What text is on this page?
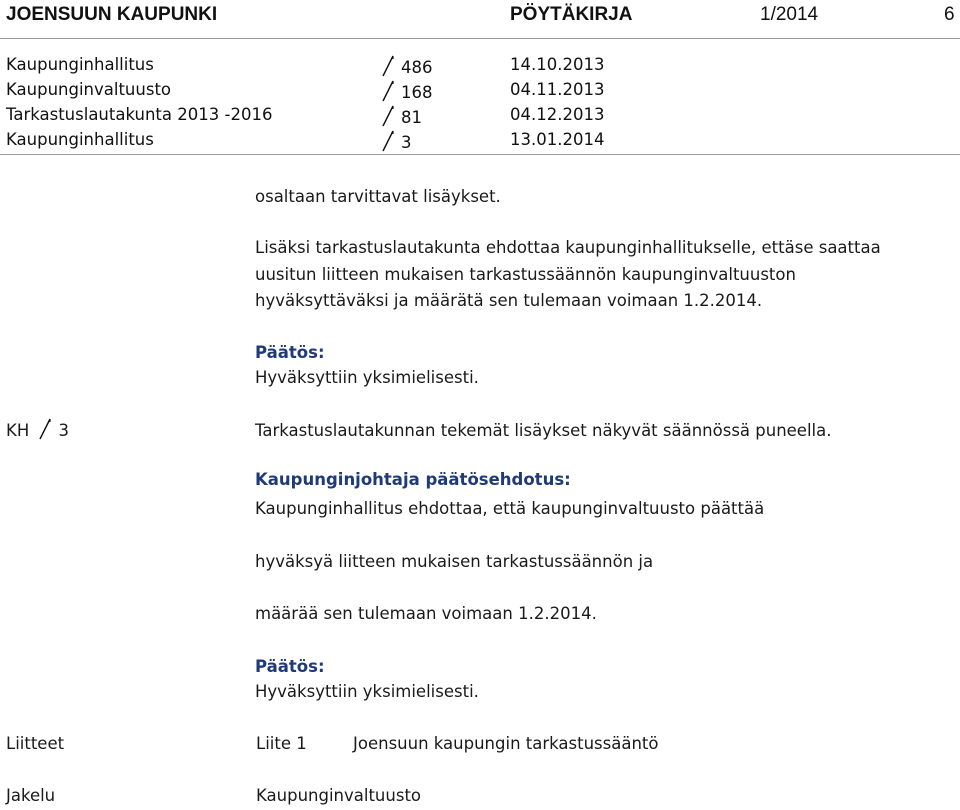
JOENSUUN KAUPUNKI	PÖYTÄKIRJA	1/2014	6
Kaupunginhallitus	486	14.10.2013
Kaupunginvaltuusto	168	04.11.2013
Tarkastuslautakunta 2013 -2016	81	04.12.2013
Kaupunginhallitus	3	13.01.2014
osaltaan tarvittavat lisäykset.
Lisäksi tarkastuslautakunta ehdottaa kaupunginhallitukselle, ettäse saattaa
uusitun liitteen mukaisen tarkastussäännön kaupunginvaltuuston
hyväksyttäväksi ja määrätä sen tulemaan voimaan 1.2.2014.
Päätös:
Hyväksyttiin yksimielisesti.
KH 3	Tarkastuslautakunnan tekemät lisäykset näkyvät säännössä puneella.
Kaupunginjohtaja päätösehdotus:
Kaupunginhallitus ehdottaa, että kaupunginvaltuusto päättää
hyväksyä liitteen mukaisen tarkastussäännön ja
määrää sen tulemaan voimaan 1.2.2014.
Päätös:
Hyväksyttiin yksimielisesti.
Liitteet	Liite 1	Joensuun kaupungin tarkastussääntö
Jakelu	Kaupunginvaltuusto
